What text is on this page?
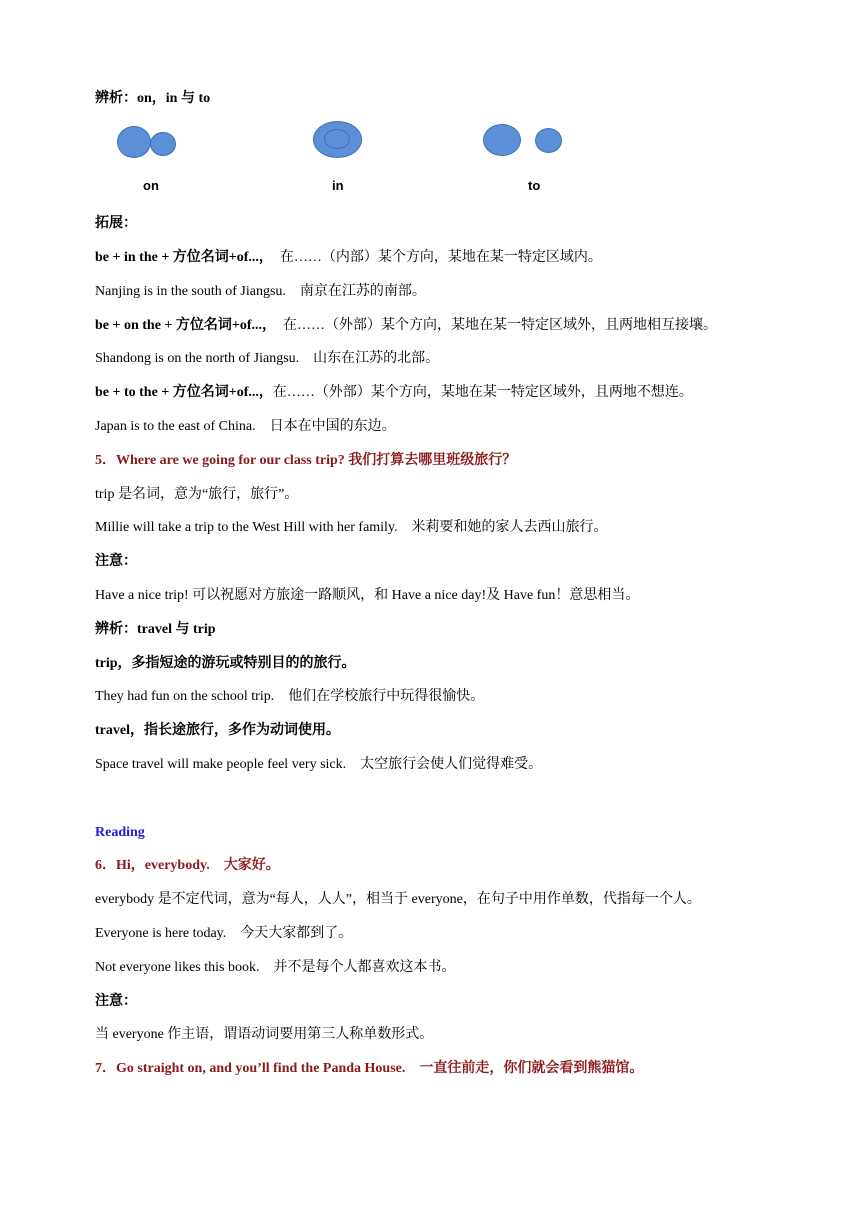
辨析：on，in 与 to
on	in	to
拓展：
be + in the + 方位名词+of...，　在……（内部）某个方向，某地在某一特定区域内。
Nanjing is in the south of Jiangsu.　南京在江苏的南部。
be + on the + 方位名词+of...，　在……（外部）某个方向，某地在某一特定区域外，且两地相互接壤。
Shandong is on the north of Jiangsu.　山东在江苏的北部。
be + to the + 方位名词+of...，在……（外部）某个方向，某地在某一特定区域外，且两地不想连。
Japan is to the east of China.　日本在中国的东边。
5．Where are we going for our class trip? 我们打算去哪里班级旅行？
trip 是名词，意为“旅行，旅行”。
Millie will take a trip to the West Hill with her family.　米莉要和她的家人去西山旅行。
注意：
Have a nice trip! 可以祝愿对方旅途一路顺风，和 Have a nice day!及 Have fun！意思相当。
辨析：travel 与 trip
trip，多指短途的游玩或特别目的的旅行。
They had fun on the school trip.　他们在学校旅行中玩得很愉快。
travel，指长途旅行，多作为动词使用。
Space travel will make people feel very sick.　太空旅行会使人们觉得难受。
Reading
6．Hi，everybody.　大家好。
everybody 是不定代词，意为“每人，人人”，相当于 everyone，在句子中用作单数，代指每一个人。
Everyone is here today.　今天大家都到了。
Not everyone likes this book.　并不是每个人都喜欢这本书。
注意：
当 everyone 作主语，谓语动词要用第三人称单数形式。
7．Go straight on, and you’ll find the Panda House.　一直往前走，你们就会看到熊猫馆。
